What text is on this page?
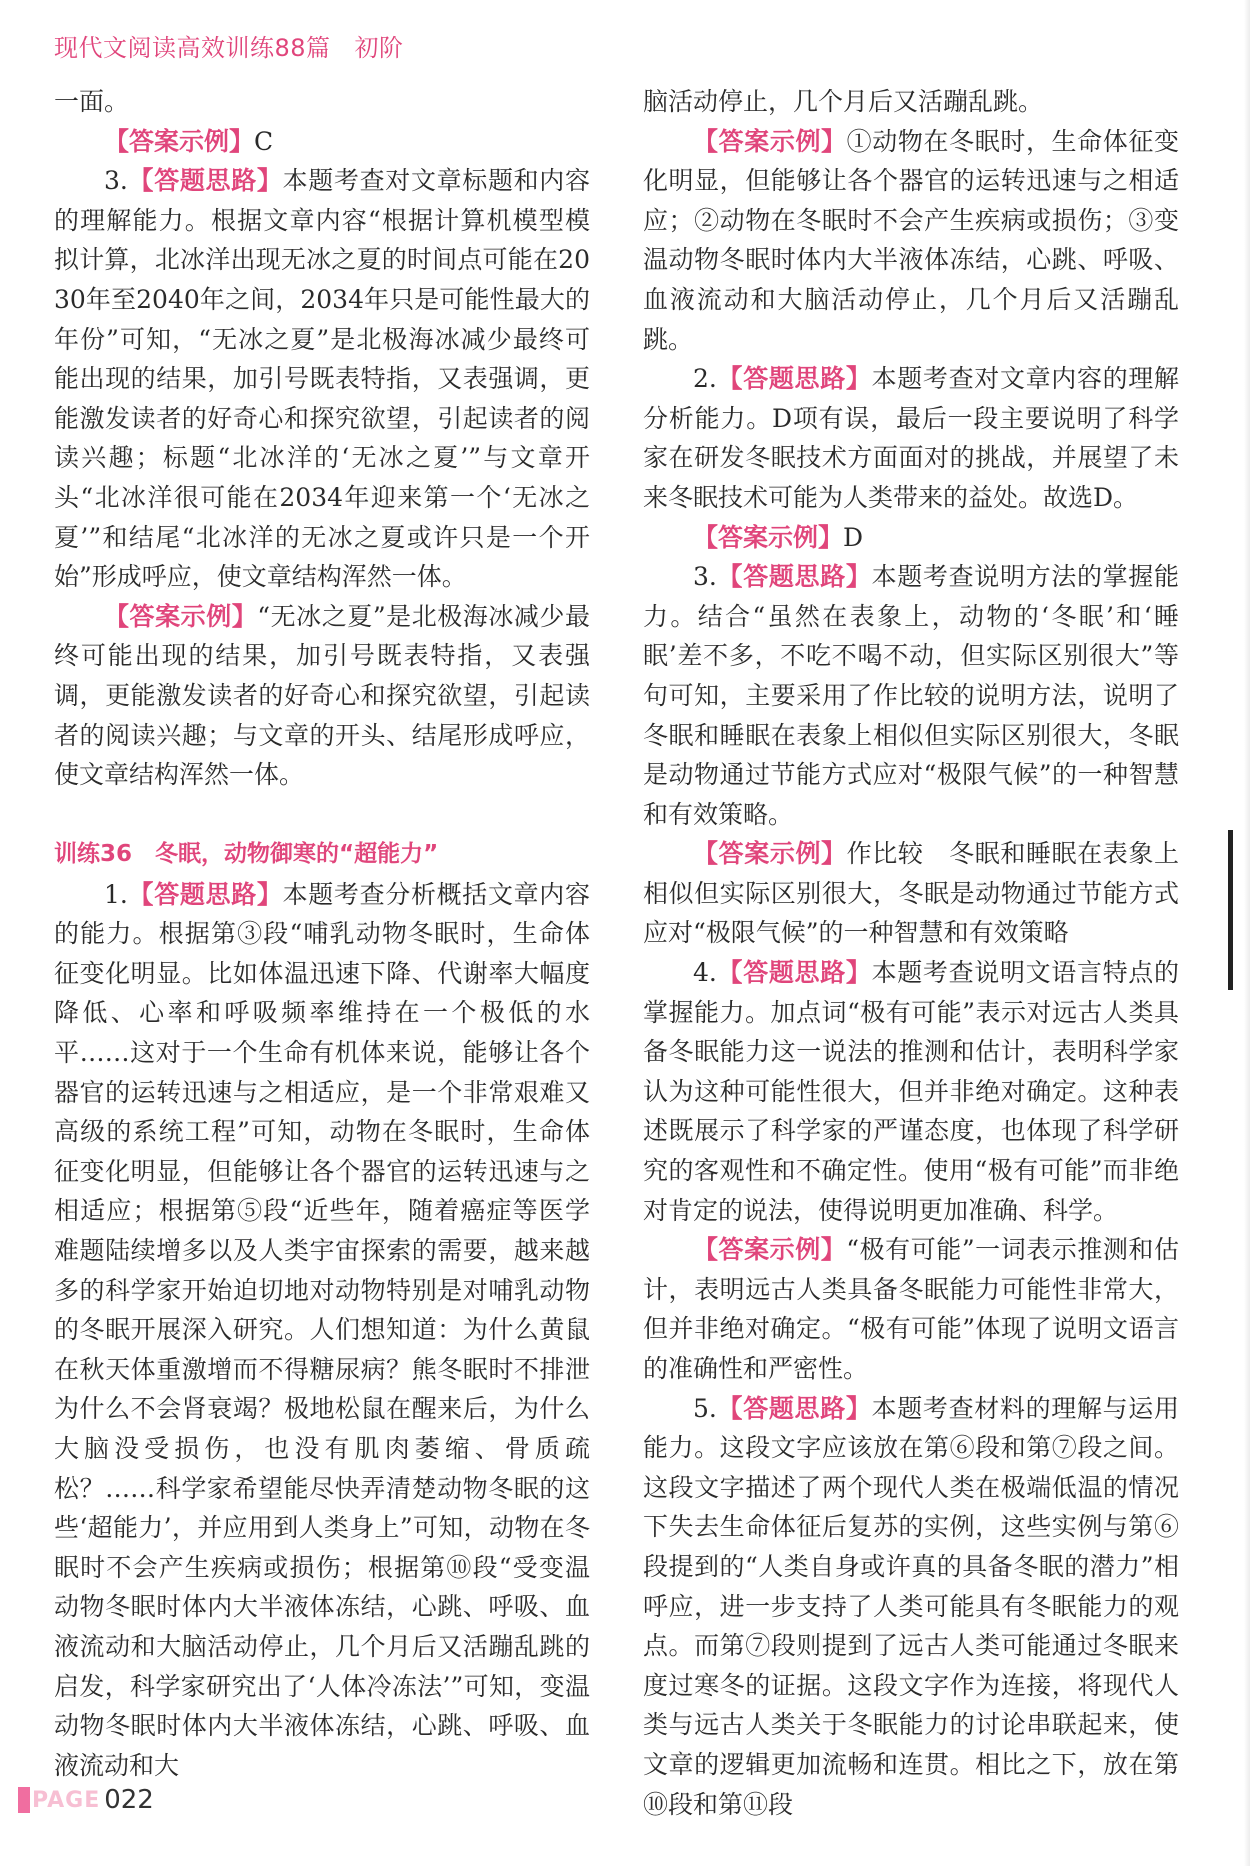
现代文阅读高效训练88篇 初阶

一面。

【答案示例】C

3.【答题思路】本题考查对文章标题和内容的理解能力。根据文章内容“根据计算机模型模拟计算，北冰洋出现无冰之夏的时间点可能在2030年至2040年之间，2034年只是可能性最大的年份”可知，“无冰之夏”是北极海冰减少最终可能出现的结果，加引号既表特指，又表强调，更能激发读者的好奇心和探究欲望，引起读者的阅读兴趣；标题“北冰洋的‘无冰之夏’”与文章开头“北冰洋很可能在2034年迎来第一个‘无冰之夏’”和结尾“北冰洋的无冰之夏或许只是一个开始”形成呼应，使文章结构浑然一体。

【答案示例】“无冰之夏”是北极海冰减少最终可能出现的结果，加引号既表特指，又表强调，更能激发读者的好奇心和探究欲望，引起读者的阅读兴趣；与文章的开头、结尾形成呼应，使文章结构浑然一体。

训练36　冬眠，动物御寒的“超能力”

1.【答题思路】本题考查分析概括文章内容的能力。根据第③段“哺乳动物冬眠时，生命体征变化明显。比如体温迅速下降、代谢率大幅度降低、心率和呼吸频率维持在一个极低的水平……这对于一个生命有机体来说，能够让各个器官的运转迅速与之相适应，是一个非常艰难又高级的系统工程”可知，动物在冬眠时，生命体征变化明显，但能够让各个器官的运转迅速与之相适应；根据第⑤段“近些年，随着癌症等医学难题陆续增多以及人类宇宙探索的需要，越来越多的科学家开始迫切地对动物特别是对哺乳动物的冬眠开展深入研究。人们想知道：为什么黄鼠在秋天体重激增而不得糖尿病？熊冬眠时不排泄为什么不会肾衰竭？极地松鼠在醒来后，为什么大脑没受损伤，也没有肌肉萎缩、骨质疏松？……科学家希望能尽快弄清楚动物冬眠的这些‘超能力’，并应用到人类身上”可知，动物在冬眠时不会产生疾病或损伤；根据第⑩段“受变温动物冬眠时体内大半液体冻结，心跳、呼吸、血液流动和大脑活动停止，几个月后又活蹦乱跳的启发，科学家研究出了‘人体冷冻法’”可知，变温动物冬眠时体内大半液体冻结，心跳、呼吸、血液流动和大

脑活动停止，几个月后又活蹦乱跳。

【答案示例】①动物在冬眠时，生命体征变化明显，但能够让各个器官的运转迅速与之相适应；②动物在冬眠时不会产生疾病或损伤；③变温动物冬眠时体内大半液体冻结，心跳、呼吸、血液流动和大脑活动停止，几个月后又活蹦乱跳。

2.【答题思路】本题考查对文章内容的理解分析能力。D项有误，最后一段主要说明了科学家在研发冬眠技术方面面对的挑战，并展望了未来冬眠技术可能为人类带来的益处。故选D。

【答案示例】D

3.【答题思路】本题考查说明方法的掌握能力。结合“虽然在表象上，动物的‘冬眠’和‘睡眠’差不多，不吃不喝不动，但实际区别很大”等句可知，主要采用了作比较的说明方法，说明了冬眠和睡眠在表象上相似但实际区别很大，冬眠是动物通过节能方式应对“极限气候”的一种智慧和有效策略。

【答案示例】作比较　冬眠和睡眠在表象上相似但实际区别很大，冬眠是动物通过节能方式应对“极限气候”的一种智慧和有效策略

4.【答题思路】本题考查说明文语言特点的掌握能力。加点词“极有可能”表示对远古人类具备冬眠能力这一说法的推测和估计，表明科学家认为这种可能性很大，但并非绝对确定。这种表述既展示了科学家的严谨态度，也体现了科学研究的客观性和不确定性。使用“极有可能”而非绝对肯定的说法，使得说明更加准确、科学。

【答案示例】“极有可能”一词表示推测和估计，表明远古人类具备冬眠能力可能性非常大，但并非绝对确定。“极有可能”体现了说明文语言的准确性和严密性。

5.【答题思路】本题考查材料的理解与运用能力。这段文字应该放在第⑥段和第⑦段之间。这段文字描述了两个现代人类在极端低温的情况下失去生命体征后复苏的实例，这些实例与第⑥段提到的“人类自身或许真的具备冬眠的潜力”相呼应，进一步支持了人类可能具有冬眠能力的观点。而第⑦段则提到了远古人类可能通过冬眠来度过寒冬的证据。这段文字作为连接，将现代人类与远古人类关于冬眠能力的讨论串联起来，使文章的逻辑更加流畅和连贯。相比之下，放在第⑩段和第⑪段

PAGE 022
